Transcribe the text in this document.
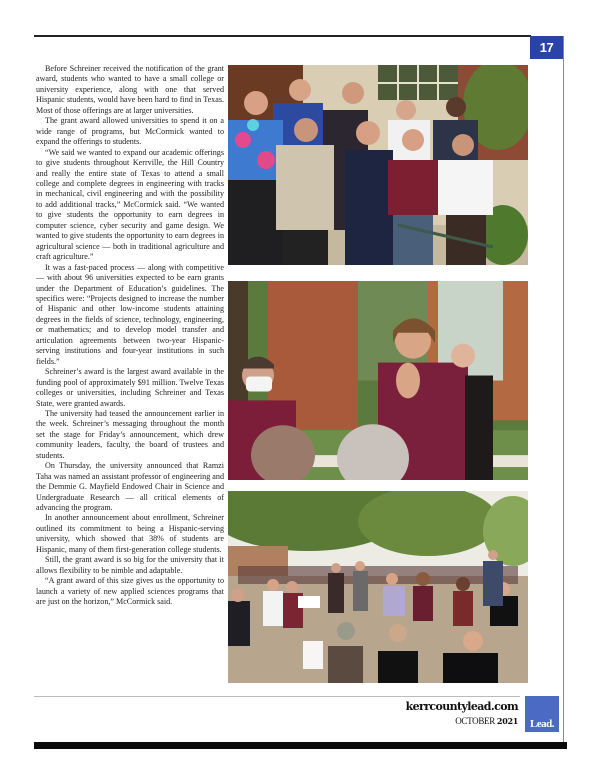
17

Before Schreiner received the notification of the grant award, students who wanted to have a small college or university experience, along with one that served Hispanic students, would have been hard to find in Texas. Most of those offerings are at larger universities.

The grant award allowed universities to spend it on a wide range of programs, but McCormick wanted to expand the offerings to students.

“We said we wanted to expand our academic offerings to give students throughout Kerrville, the Hill Country and really the entire state of Texas to attend a small college and complete degrees in engineering with tracks in mechanical, civil engineering and with the possibility to add additional tracks,” McCormick said. “We wanted to give students the opportunity to earn degrees in computer science, cyber security and game design. We wanted to give students the opportunity to earn degrees in agricultural science — both in traditional agriculture and craft agriculture.”

It was a fast-paced process — along with competitive — with about 96 universities expected to be earn grants under the Department of Education’s guidelines. The specifics were: “Projects designed to increase the number of Hispanic and other low-income students attaining degrees in the fields of science, technology, engineering, or mathematics; and to develop model transfer and articulation agreements between two-year Hispanic-serving institutions and four-year institutions in such fields.”

Schreiner’s award is the largest award available in the funding pool of approximately $91 million. Twelve Texas colleges or universities, including Schreiner and Texas State, were granted awards.

The university had teased the announcement earlier in the week. Schreiner’s messaging throughout the month set the stage for Friday’s announcement, which drew community leaders, faculty, the board of trustees and students.

On Thursday, the university announced that Ramzi Taha was named an assistant professor of engineering and the Demmie G. Mayfield Endowed Chair in Science and Undergraduate Research — all critical elements of advancing the program.

In another announcement about enrollment, Schreiner outlined its commitment to being a Hispanic-serving university, which showed that 38% of students are Hispanic, many of them first-generation college students.

Still, the grant award is so big for the university that it allows flexibility to be nimble and adaptable.

“A grant award of this size gives us the opportunity to launch a variety of new applied sciences programs that are just on the horizon,” McCormick said.

kerrcountylead.com
OCTOBER 2021 Lead.
